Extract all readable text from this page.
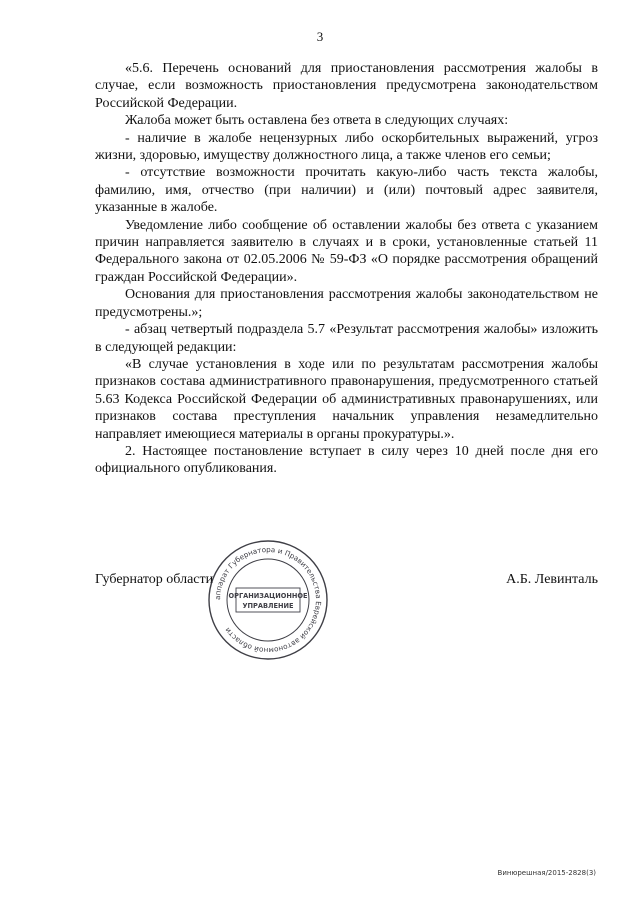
3

«5.6. Перечень оснований для приостановления рассмотрения жалобы в случае, если возможность приостановления предусмотрена законодательством Российской Федерации.

Жалоба может быть оставлена без ответа в следующих случаях:

- наличие в жалобе нецензурных либо оскорбительных выражений, угроз жизни, здоровью, имуществу должностного лица, а также членов его семьи;

- отсутствие возможности прочитать какую-либо часть текста жалобы, фамилию, имя, отчество (при наличии) и (или) почтовый адрес заявителя, указанные в жалобе.

Уведомление либо сообщение об оставлении жалобы без ответа с указанием причин направляется заявителю в случаях и в сроки, установленные статьей 11 Федерального закона от 02.05.2006 № 59-ФЗ «О порядке рассмотрения обращений граждан Российской Федерации».

Основания для приостановления рассмотрения жалобы законодательством не предусмотрены.»;

- абзац четвертый подраздела 5.7 «Результат рассмотрения жалобы» изложить в следующей редакции:

«В случае установления в ходе или по результатам рассмотрения жалобы признаков состава административного правонарушения, предусмотренного статьей 5.63 Кодекса Российской Федерации об административных правонарушениях, или признаков состава преступления начальник управления незамедлительно направляет имеющиеся материалы в органы прокуратуры.».

2. Настоящее постановление вступает в силу через 10 дней после дня его официального опубликования.

Губернатор области	А.Б. Левинталь
аппарат Губернатора и Правительства Еврейской автономной области
ОРГАНИЗАЦИОННОЕ
УПРАВЛЕНИЕ
Винюрешная/2015-2828(3)
